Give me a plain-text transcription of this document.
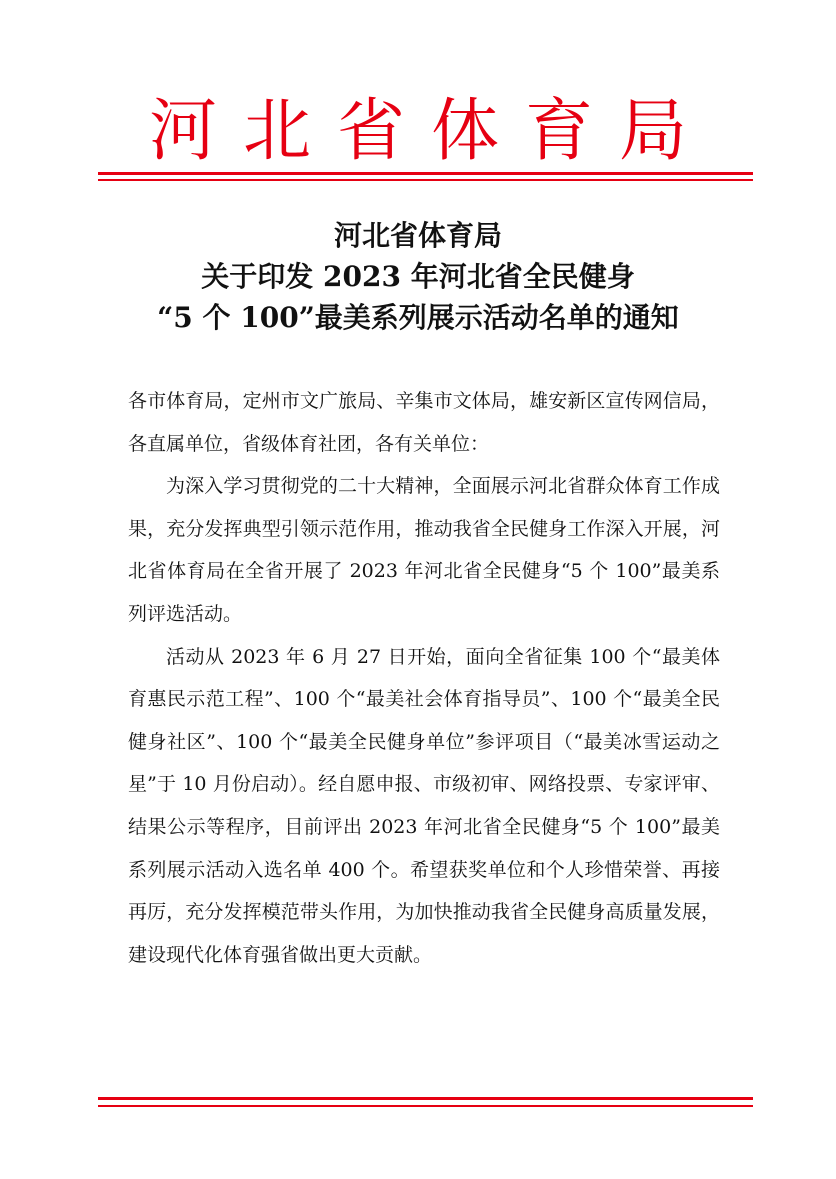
河北省体育局
河北省体育局
关于印发 2023 年河北省全民健身
“5 个 100”最美系列展示活动名单的通知

各市体育局，定州市文广旅局、辛集市文体局，雄安新区宣传网信局，各直属单位，省级体育社团，各有关单位：

为深入学习贯彻党的二十大精神，全面展示河北省群众体育工作成果，充分发挥典型引领示范作用，推动我省全民健身工作深入开展，河北省体育局在全省开展了 2023 年河北省全民健身“5 个 100”最美系列评选活动。

活动从 2023 年 6 月 27 日开始，面向全省征集 100 个“最美体育惠民示范工程”、100 个“最美社会体育指导员”、100 个“最美全民健身社区”、100 个“最美全民健身单位”参评项目（“最美冰雪运动之星”于 10 月份启动）。经自愿申报、市级初审、网络投票、专家评审、结果公示等程序，目前评出 2023 年河北省全民健身“5 个 100”最美系列展示活动入选名单 400 个。希望获奖单位和个人珍惜荣誉、再接再厉，充分发挥模范带头作用，为加快推动我省全民健身高质量发展，建设现代化体育强省做出更大贡献。
